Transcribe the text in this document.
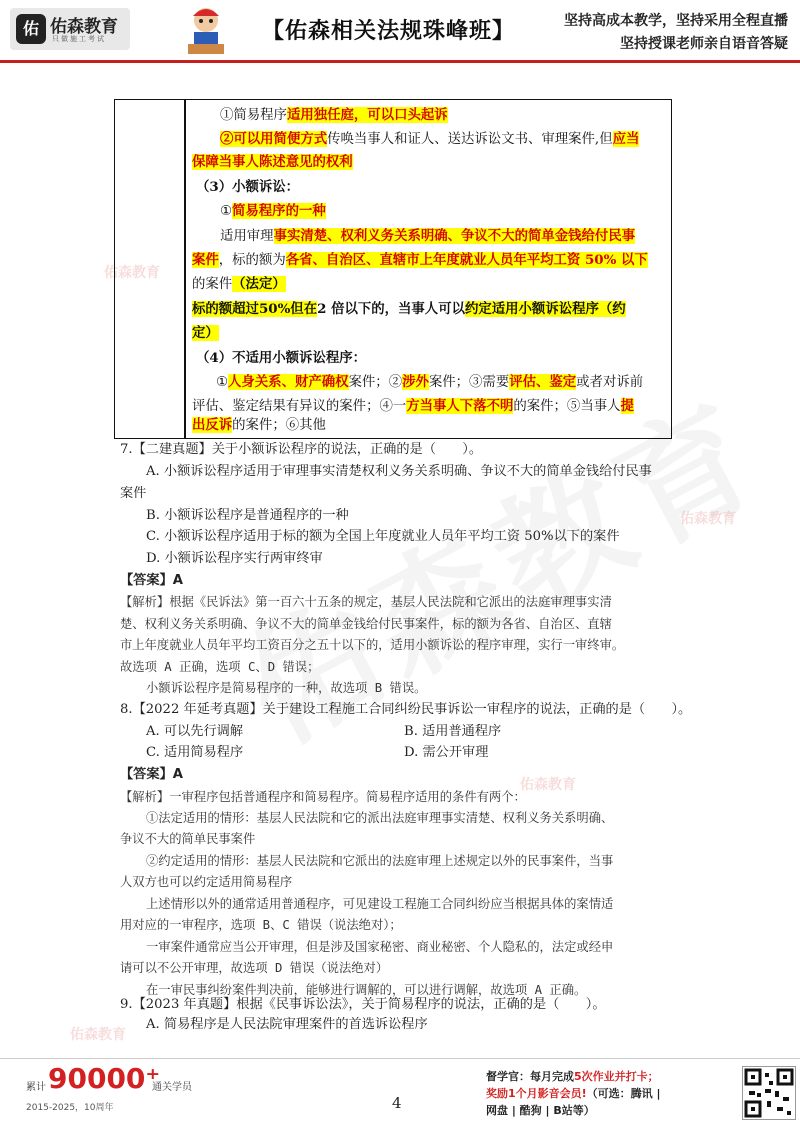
佑 佑森教育
只做施工考试	【佑森相关法规珠峰班】	坚持高成本教学，坚持采用全程直播
坚持授课老师亲自语音答疑
佑森教育
佑森教育
佑森教育
佑森教育
①简易程序适用独任庭，可以口头起诉
②可以用简便方式传唤当事人和证人、送达诉讼文书、审理案件,但应当
保障当事人陈述意见的权利
（3）小额诉讼：
①简易程序的一种
适用审理事实清楚、权利义务关系明确、争议不大的简单金钱给付民事
案件，标的额为各省、自治区、直辖市上年度就业人员年平均工资 50% 以下
的案件（法定）
标的额超过50%但在2 倍以下的，当事人可以约定适用小额诉讼程序（约
定）
（4）不适用小额诉讼程序：
①人身关系、财产确权案件；②涉外案件；③需要评估、鉴定或者对诉前
评估、鉴定结果有异议的案件；④一方当事人下落不明的案件；⑤当事人提
出反诉的案件；⑥其他
7.【二建真题】关于小额诉讼程序的说法，正确的是（　　）。
A. 小额诉讼程序适用于审理事实清楚权利义务关系明确、争议不大的简单金钱给付民事
案件
B. 小额诉讼程序是普通程序的一种
C. 小额诉讼程序适用于标的额为全国上年度就业人员年平均工资 50%以下的案件
D. 小额诉讼程序实行两审终审
【答案】A
【解析】根据《民诉法》第一百六十五条的规定，基层人民法院和它派出的法庭审理事实清
楚、权利义务关系明确、争议不大的简单金钱给付民事案件，标的额为各省、自治区、直辖
市上年度就业人员年平均工资百分之五十以下的，适用小额诉讼的程序审理，实行一审终审。
故选项 A 正确，选项 C、D 错误；
小额诉讼程序是简易程序的一种，故选项 B 错误。
8.【2022 年延考真题】关于建设工程施工合同纠纷民事诉讼一审程序的说法，正确的是（　　）。
A. 可以先行调解	B. 适用普通程序
C. 适用简易程序	D. 需公开审理
【答案】A
【解析】一审程序包括普通程序和简易程序。简易程序适用的条件有两个：
①法定适用的情形：基层人民法院和它的派出法庭审理事实清楚、权利义务关系明确、
争议不大的简单民事案件
②约定适用的情形：基层人民法院和它派出的法庭审理上述规定以外的民事案件，当事
人双方也可以约定适用简易程序
上述情形以外的通常适用普通程序，可见建设工程施工合同纠纷应当根据具体的案情适
用对应的一审程序，选项 B、C 错误（说法绝对）；
一审案件通常应当公开审理，但是涉及国家秘密、商业秘密、个人隐私的，法定或经申
请可以不公开审理，故选项 D 错误（说法绝对）
在一审民事纠纷案件判决前，能够进行调解的，可以进行调解，故选项 A 正确。
9.【2023 年真题】根据《民事诉讼法》，关于简易程序的说法，正确的是（　　）。
A. 简易程序是人民法院审理案件的首选诉讼程序
累计 90000⁺
通关学员
2015-2025，10周年	4
督学官：每月完成5次作业并打卡；
奖励1个月影音会员!（可选：腾讯 |
网盘 | 酷狗 | B站等）
